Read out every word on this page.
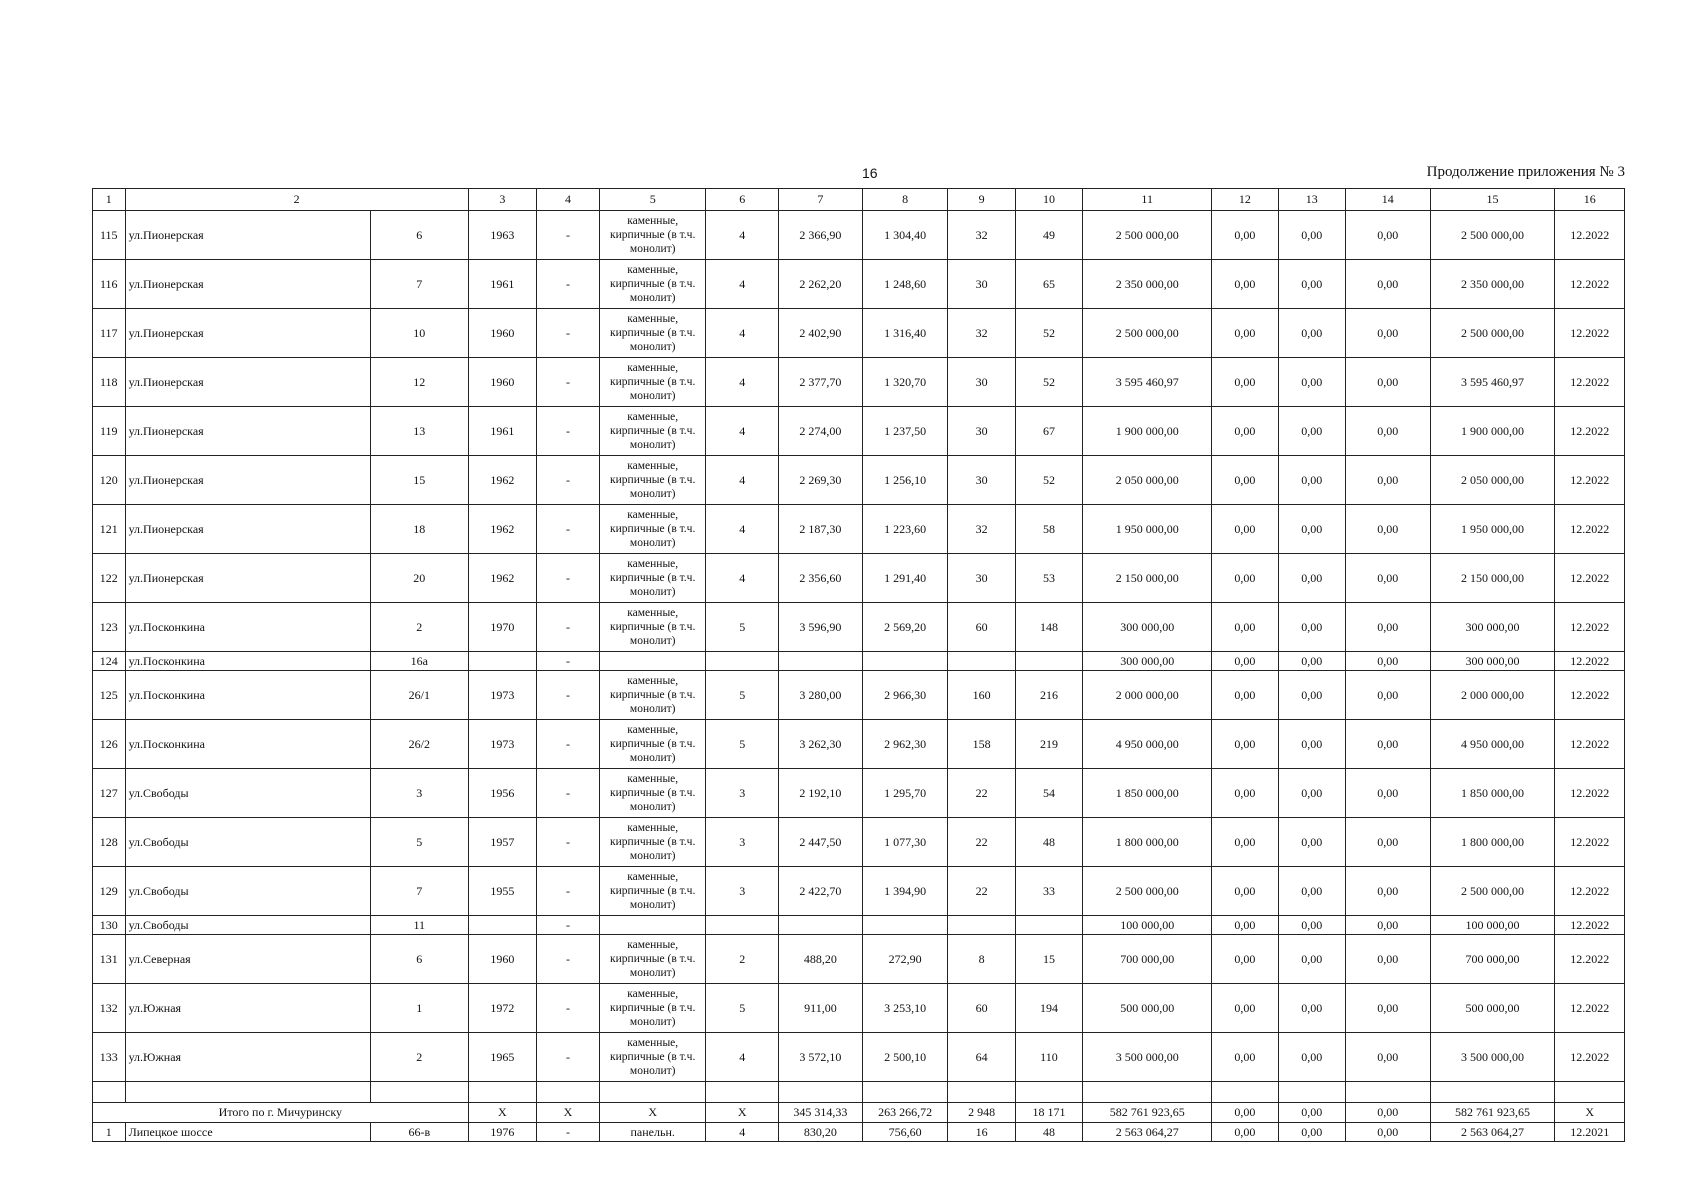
16	Продолжение приложения № 3
1	2		3	4	5	6	7	8	9	10	11	12	13	14	15	16
115	ул.Пионерская	6	1963	-	каменные, кирпичные (в т.ч. монолит)	4	2 366,90	1 304,40	32	49	2 500 000,00	0,00	0,00	0,00	2 500 000,00	12.2022
116	ул.Пионерская	7	1961	-	каменные, кирпичные (в т.ч. монолит)	4	2 262,20	1 248,60	30	65	2 350 000,00	0,00	0,00	0,00	2 350 000,00	12.2022
117	ул.Пионерская	10	1960	-	каменные, кирпичные (в т.ч. монолит)	4	2 402,90	1 316,40	32	52	2 500 000,00	0,00	0,00	0,00	2 500 000,00	12.2022
118	ул.Пионерская	12	1960	-	каменные, кирпичные (в т.ч. монолит)	4	2 377,70	1 320,70	30	52	3 595 460,97	0,00	0,00	0,00	3 595 460,97	12.2022
119	ул.Пионерская	13	1961	-	каменные, кирпичные (в т.ч. монолит)	4	2 274,00	1 237,50	30	67	1 900 000,00	0,00	0,00	0,00	1 900 000,00	12.2022
120	ул.Пионерская	15	1962	-	каменные, кирпичные (в т.ч. монолит)	4	2 269,30	1 256,10	30	52	2 050 000,00	0,00	0,00	0,00	2 050 000,00	12.2022
121	ул.Пионерская	18	1962	-	каменные, кирпичные (в т.ч. монолит)	4	2 187,30	1 223,60	32	58	1 950 000,00	0,00	0,00	0,00	1 950 000,00	12.2022
122	ул.Пионерская	20	1962	-	каменные, кирпичные (в т.ч. монолит)	4	2 356,60	1 291,40	30	53	2 150 000,00	0,00	0,00	0,00	2 150 000,00	12.2022
123	ул.Посконкина	2	1970	-	каменные, кирпичные (в т.ч. монолит)	5	3 596,90	2 569,20	60	148	300 000,00	0,00	0,00	0,00	300 000,00	12.2022
124	ул.Посконкина	16а		-							300 000,00	0,00	0,00	0,00	300 000,00	12.2022
125	ул.Посконкина	26/1	1973	-	каменные, кирпичные (в т.ч. монолит)	5	3 280,00	2 966,30	160	216	2 000 000,00	0,00	0,00	0,00	2 000 000,00	12.2022
126	ул.Посконкина	26/2	1973	-	каменные, кирпичные (в т.ч. монолит)	5	3 262,30	2 962,30	158	219	4 950 000,00	0,00	0,00	0,00	4 950 000,00	12.2022
127	ул.Свободы	3	1956	-	каменные, кирпичные (в т.ч. монолит)	3	2 192,10	1 295,70	22	54	1 850 000,00	0,00	0,00	0,00	1 850 000,00	12.2022
128	ул.Свободы	5	1957	-	каменные, кирпичные (в т.ч. монолит)	3	2 447,50	1 077,30	22	48	1 800 000,00	0,00	0,00	0,00	1 800 000,00	12.2022
129	ул.Свободы	7	1955	-	каменные, кирпичные (в т.ч. монолит)	3	2 422,70	1 394,90	22	33	2 500 000,00	0,00	0,00	0,00	2 500 000,00	12.2022
130	ул.Свободы	11		-							100 000,00	0,00	0,00	0,00	100 000,00	12.2022
131	ул.Северная	6	1960	-	каменные, кирпичные (в т.ч. монолит)	2	488,20	272,90	8	15	700 000,00	0,00	0,00	0,00	700 000,00	12.2022
132	ул.Южная	1	1972	-	каменные, кирпичные (в т.ч. монолит)	5	911,00	3 253,10	60	194	500 000,00	0,00	0,00	0,00	500 000,00	12.2022
133	ул.Южная	2	1965	-	каменные, кирпичные (в т.ч. монолит)	4	3 572,10	2 500,10	64	110	3 500 000,00	0,00	0,00	0,00	3 500 000,00	12.2022

Итого по г. Мичуринску			X	X	X	X	345 314,33	263 266,72	2 948	18 171	582 761 923,65	0,00	0,00	0,00	582 761 923,65	X
1	Липецкое шоссе	66-в	1976	-	панельн.	4	830,20	756,60	16	48	2 563 064,27	0,00	0,00	0,00	2 563 064,27	12.2021
